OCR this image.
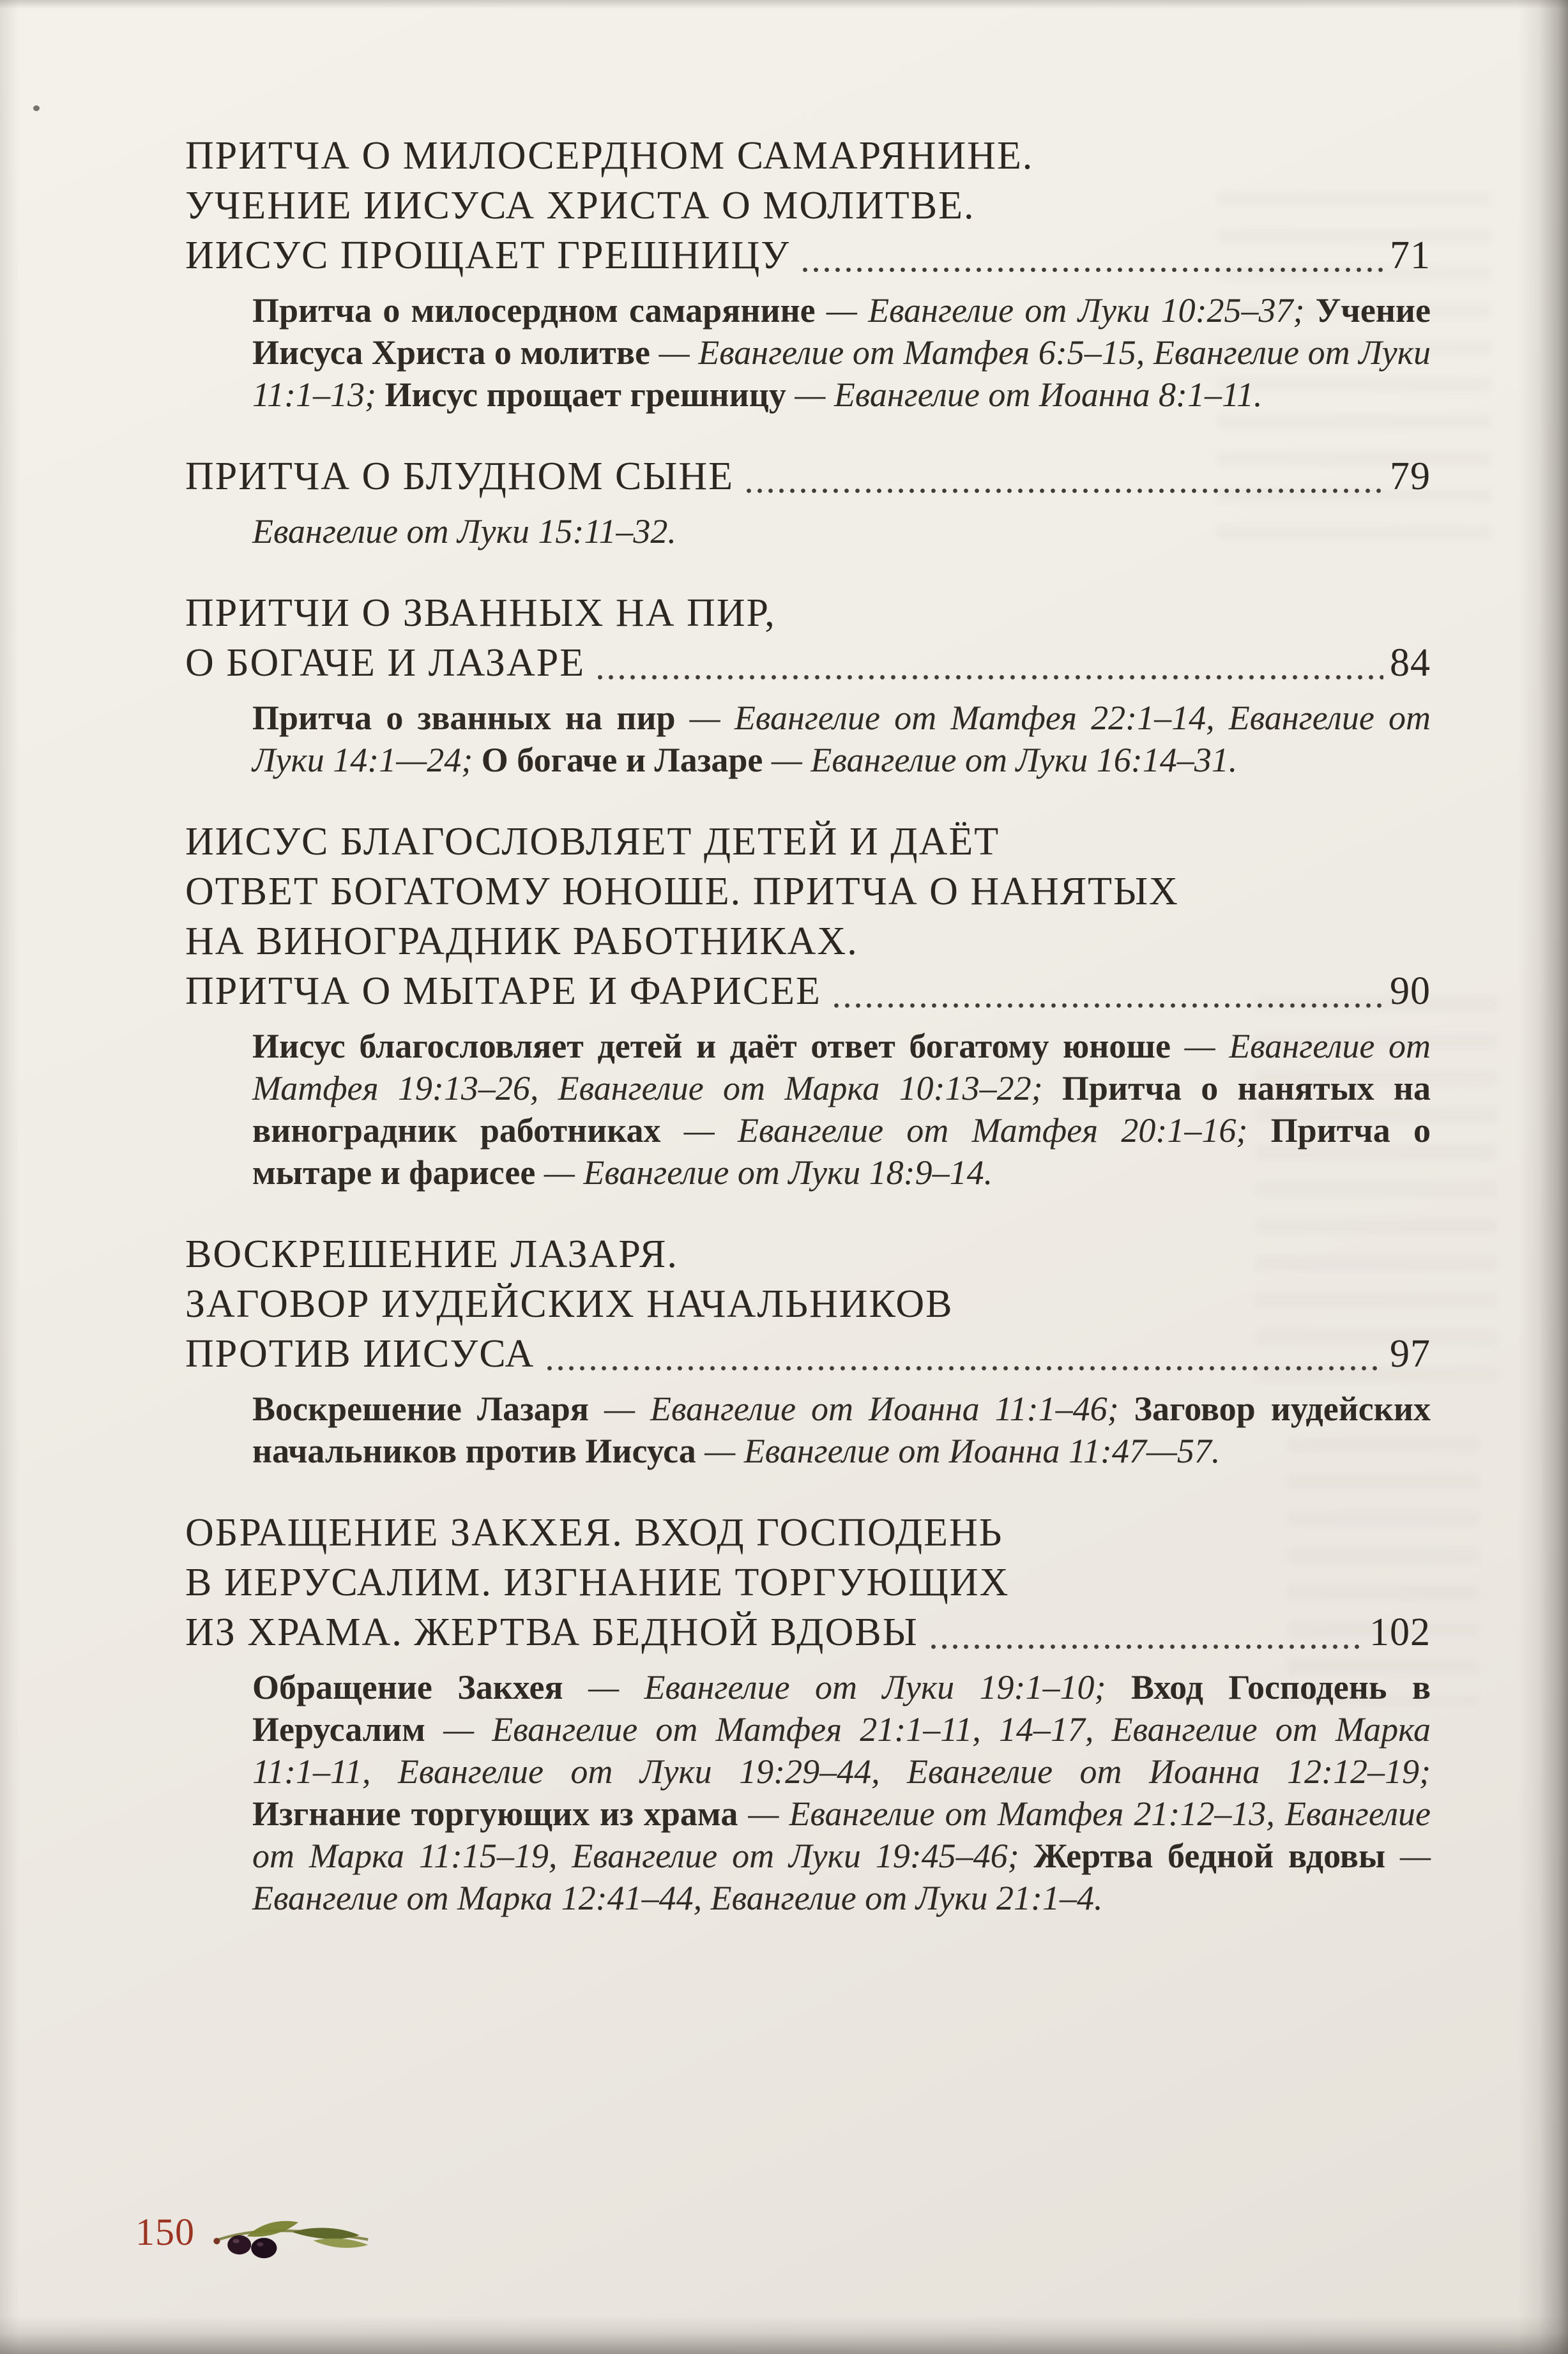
ПРИТЧА О МИЛОСЕРДНОМ САМАРЯНИНЕ.
УЧЕНИЕ ИИСУСА ХРИСТА О МОЛИТВЕ.
ИИСУС ПРОЩАЕТ ГРЕШНИЦУ	71

Притча о милосердном самарянине — Евангелие от Луки 10:25–37; Учение Иисуса Христа о молитве — Евангелие от Матфея 6:5–15, Евангелие от Луки 11:1–13; Иисус прощает грешницу — Евангелие от Иоанна 8:1–11.

ПРИТЧА О БЛУДНОМ СЫНЕ	79

Евангелие от Луки 15:11–32.

ПРИТЧИ О ЗВАННЫХ НА ПИР,
О БОГАЧЕ И ЛАЗАРЕ	84

Притча о званных на пир — Евангелие от Матфея 22:1–14, Евангелие от Луки 14:1—24; О богаче и Лазаре — Евангелие от Луки 16:14–31.

ИИСУС БЛАГОСЛОВЛЯЕТ ДЕТЕЙ И ДАЁТ
ОТВЕТ БОГАТОМУ ЮНОШЕ. ПРИТЧА О НАНЯТЫХ
НА ВИНОГРАДНИК РАБОТНИКАХ.
ПРИТЧА О МЫТАРЕ И ФАРИСЕЕ	90

Иисус благословляет детей и даёт ответ богатому юноше — Евангелие от Матфея 19:13–26, Евангелие от Марка 10:13–22; Притча о нанятых на виноградник работниках — Евангелие от Матфея 20:1–16; Притча о мытаре и фарисее — Евангелие от Луки 18:9–14.

ВОСКРЕШЕНИЕ ЛАЗАРЯ.
ЗАГОВОР ИУДЕЙСКИХ НАЧАЛЬНИКОВ
ПРОТИВ ИИСУСА	97

Воскрешение Лазаря — Евангелие от Иоанна 11:1–46; Заговор иудейских начальников против Иисуса — Евангелие от Иоанна 11:47—57.

ОБРАЩЕНИЕ ЗАКХЕЯ. ВХОД ГОСПОДЕНЬ
В ИЕРУСАЛИМ. ИЗГНАНИЕ ТОРГУЮЩИХ
ИЗ ХРАМА. ЖЕРТВА БЕДНОЙ ВДОВЫ	102

Обращение Закхея — Евангелие от Луки 19:1–10; Вход Господень в Иерусалим — Евангелие от Матфея 21:1–11, 14–17, Евангелие от Марка 11:1–11, Евангелие от Луки 19:29–44, Евангелие от Иоанна 12:12–19; Изгнание торгующих из храма — Евангелие от Матфея 21:12–13, Евангелие от Марка 11:15–19, Евангелие от Луки 19:45–46; Жертва бедной вдовы — Евангелие от Марка 12:41–44, Евангелие от Луки 21:1–4.

150
